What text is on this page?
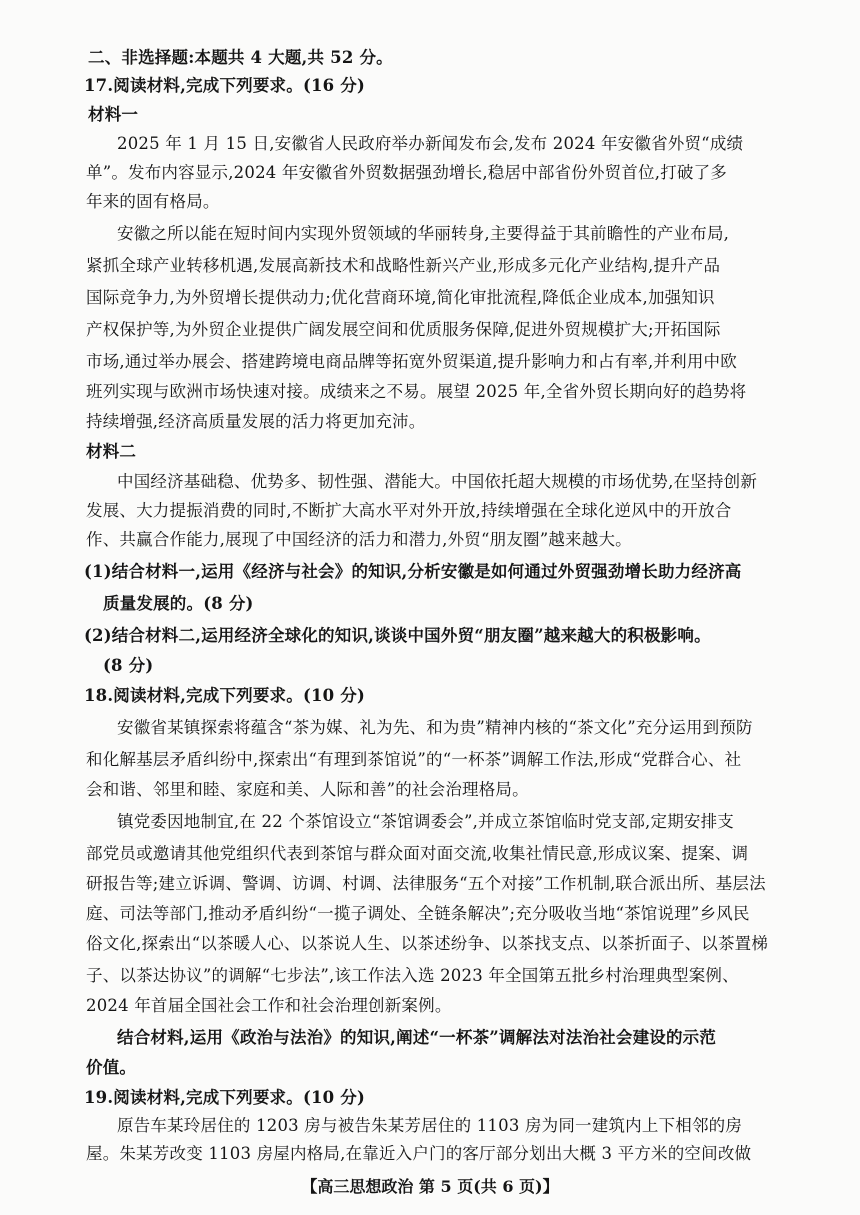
二、非选择题:本题共 4 大题,共 52 分。
17.阅读材料,完成下列要求。(16 分)
材料一
2025 年 1 月 15 日,安徽省人民政府举办新闻发布会,发布 2024 年安徽省外贸“成绩
单”。发布内容显示,2024 年安徽省外贸数据强劲增长,稳居中部省份外贸首位,打破了多
年来的固有格局。
安徽之所以能在短时间内实现外贸领域的华丽转身,主要得益于其前瞻性的产业布局,
紧抓全球产业转移机遇,发展高新技术和战略性新兴产业,形成多元化产业结构,提升产品
国际竞争力,为外贸增长提供动力;优化营商环境,简化审批流程,降低企业成本,加强知识
产权保护等,为外贸企业提供广阔发展空间和优质服务保障,促进外贸规模扩大;开拓国际
市场,通过举办展会、搭建跨境电商品牌等拓宽外贸渠道,提升影响力和占有率,并利用中欧
班列实现与欧洲市场快速对接。成绩来之不易。展望 2025 年,全省外贸长期向好的趋势将
持续增强,经济高质量发展的活力将更加充沛。
材料二
中国经济基础稳、优势多、韧性强、潜能大。中国依托超大规模的市场优势,在坚持创新
发展、大力提振消费的同时,不断扩大高水平对外开放,持续增强在全球化逆风中的开放合
作、共赢合作能力,展现了中国经济的活力和潜力,外贸“朋友圈”越来越大。
(1)结合材料一,运用《经济与社会》的知识,分析安徽是如何通过外贸强劲增长助力经济高
质量发展的。(8 分)
(2)结合材料二,运用经济全球化的知识,谈谈中国外贸“朋友圈”越来越大的积极影响。
(8 分)
18.阅读材料,完成下列要求。(10 分)
安徽省某镇探索将蕴含“茶为媒、礼为先、和为贵”精神内核的“茶文化”充分运用到预防
和化解基层矛盾纠纷中,探索出“有理到茶馆说”的“一杯茶”调解工作法,形成“党群合心、社
会和谐、邻里和睦、家庭和美、人际和善”的社会治理格局。
镇党委因地制宜,在 22 个茶馆设立“茶馆调委会”,并成立茶馆临时党支部,定期安排支
部党员或邀请其他党组织代表到茶馆与群众面对面交流,收集社情民意,形成议案、提案、调
研报告等;建立诉调、警调、访调、村调、法律服务“五个对接”工作机制,联合派出所、基层法
庭、司法等部门,推动矛盾纠纷“一揽子调处、全链条解决”;充分吸收当地“茶馆说理”乡风民
俗文化,探索出“以茶暖人心、以茶说人生、以茶述纷争、以茶找支点、以茶折面子、以茶置梯
子、以茶达协议”的调解“七步法”,该工作法入选 2023 年全国第五批乡村治理典型案例、
2024 年首届全国社会工作和社会治理创新案例。
结合材料,运用《政治与法治》的知识,阐述“一杯茶”调解法对法治社会建设的示范
价值。
19.阅读材料,完成下列要求。(10 分)
原告车某玲居住的 1203 房与被告朱某芳居住的 1103 房为同一建筑内上下相邻的房
屋。朱某芳改变 1103 房屋内格局,在靠近入户门的客厅部分划出大概 3 平方米的空间改做
【高三思想政治 第 5 页(共 6 页)】
